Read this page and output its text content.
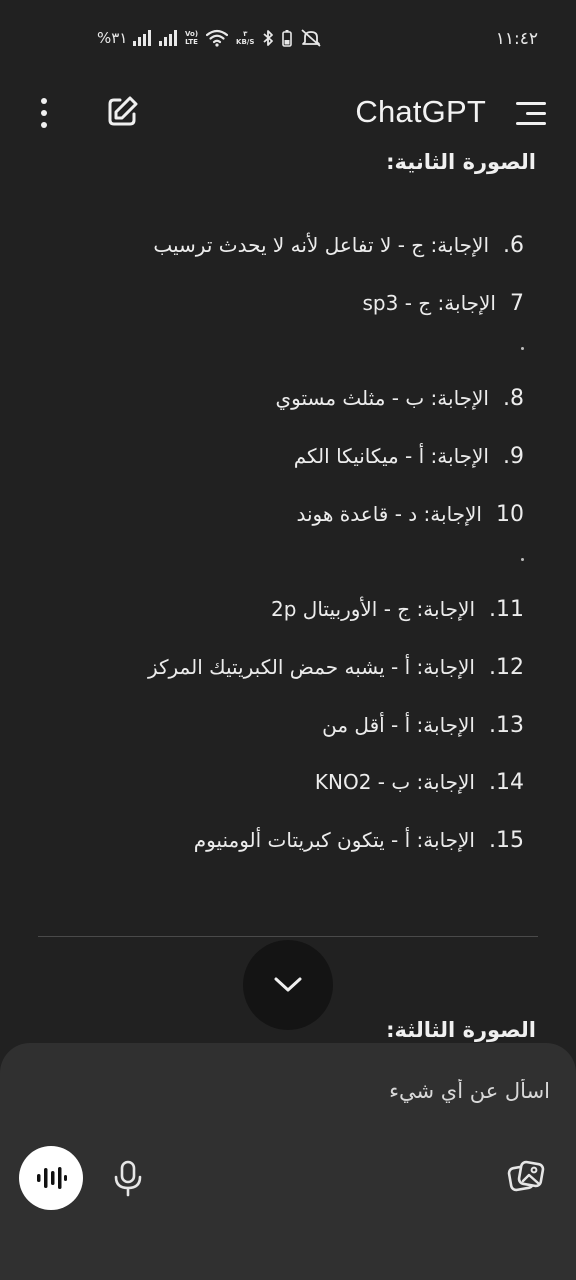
%٣١	Vo)
LTE
٣
KB/S	١١:٤٢
ChatGPT
الصورة الثانية:
.6
الإجابة: ج - لا تفاعل لأنه لا يحدث ترسيب
7
الإجابة: ج - sp3
.8
الإجابة: ب - مثلث مستوي
.9
الإجابة: أ - ميكانيكا الكم
10
الإجابة: د - قاعدة هوند
.11
الإجابة: ج - الأوربيتال 2p
.12
الإجابة: أ - يشبه حمض الكبريتيك المركز
.13
الإجابة: أ - أقل من
.14
الإجابة: ب - KNO2
.15
الإجابة: أ - يتكون كبريتات ألومنيوم
الصورة الثالثة:
اسأل عن أي شيء
